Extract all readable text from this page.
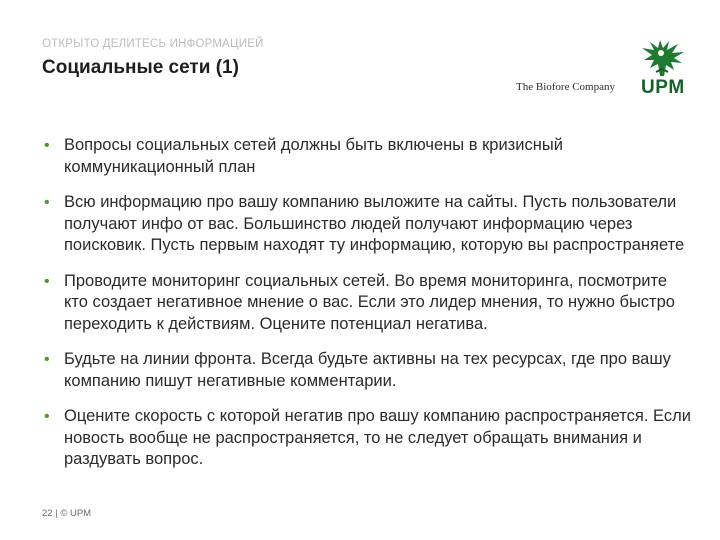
ОТКРЫТО ДЕЛИТЕСЬ ИНФОРМАЦИЕЙ
Социальные сети (1)
The Biofore Company UPM
• Вопросы социальных сетей должны быть включены в кризисный коммуникационный план
• Всю информацию про вашу компанию выложите на сайты. Пусть пользователи получают инфо от вас. Большинство людей получают информацию через поисковик. Пусть первым находят ту информацию, которую вы распространяете
• Проводите мониторинг социальных сетей. Во время мониторинга, посмотрите кто создает негативное мнение о вас. Если это лидер мнения, то нужно быстро переходить к действиям. Оцените потенциал негатива.
• Будьте на линии фронта. Всегда будьте активны на тех ресурсах, где про вашу компанию пишут негативные комментарии.
• Оцените скорость с которой негатив про вашу компанию распространяется. Если новость вообще не распространяется, то не следует обращать внимания и раздувать вопрос.
22 | © UPM
